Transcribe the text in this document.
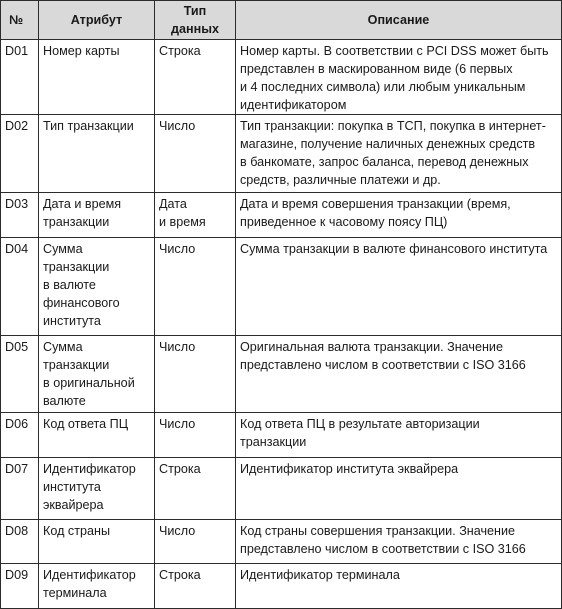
№	Атрибут	Тип данных	Описание
D01	Номер карты	Строка	Номер карты. В соответствии с PCI DSS может быть
представлен в маскированном виде (6 первых
и 4 последних символа) или любым уникальным
идентификатором
D02	Тип транзакции	Число	Тип транзакции: покупка в ТСП, покупка в интернет-
магазине, получение наличных денежных средств
в банкомате, запрос баланса, перевод денежных
средств, различные платежи и др.
D03	Дата и время
транзакции	Дата
и время	Дата и время совершения транзакции (время,
приведенное к часовому поясу ПЦ)
D04	Сумма
транзакции
в валюте
финансового
института	Число	Сумма транзакции в валюте финансового института
D05	Сумма
транзакции
в оригинальной
валюте	Число	Оригинальная валюта транзакции. Значение
представлено числом в соответствии с ISO 3166
D06	Код ответа ПЦ	Число	Код ответа ПЦ в результате авторизации
транзакции
D07	Идентификатор
института
эквайрера	Строка	Идентификатор института эквайрера
D08	Код страны	Число	Код страны совершения транзакции. Значение
представлено числом в соответствии с ISO 3166
D09	Идентификатор
терминала	Строка	Идентификатор терминала
